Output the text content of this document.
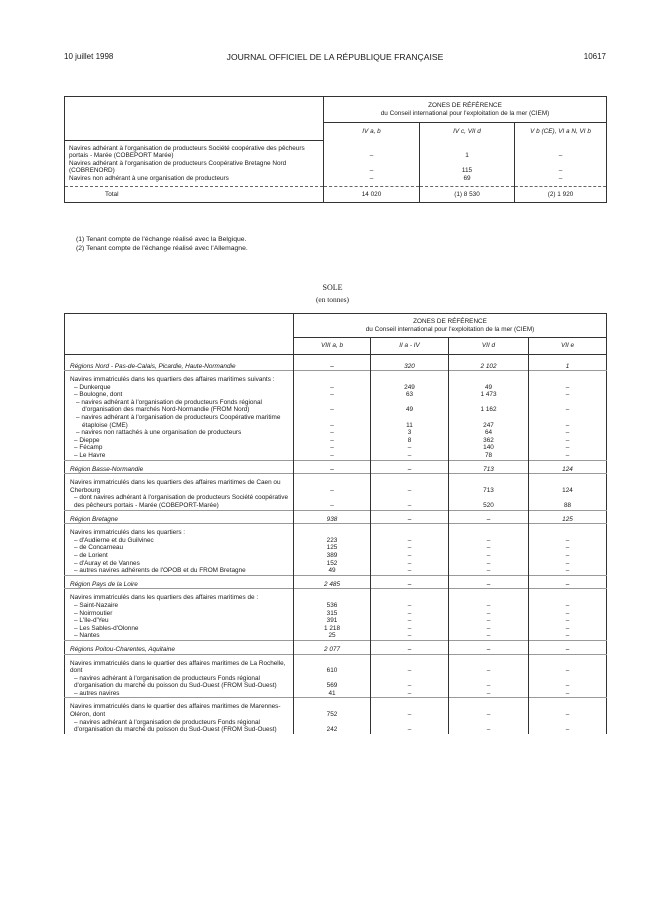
10 juillet 1998	JOURNAL OFFICIEL DE LA RÉPUBLIQUE FRANÇAISE	10617

	ZONES DE RÉFÉRENCE
du Conseil international pour l'exploitation de la mer (CIEM)		

	IV a, b	IV c, VII d	V b (CE), VI a N, VI b

Navires adhérant à l'organisation de producteurs Société coopérative des pêcheurs portais - Marée (COBEPORT Marée)	–	1	–
Navires adhérant à l'organisation de producteurs Coopérative Bretagne Nord (COBRENORD)	–	115	–
Navires non adhérant à une organisation de producteurs	–	69	–

Total	14 020	(1) 8 530	(2) 1 920
(1) Tenant compte de l'échange réalisé avec la Belgique.
(2) Tenant compte de l'échange réalisé avec l'Allemagne.
SOLE
(en tonnes)

	ZONES DE RÉFÉRENCE
du Conseil international pour l'exploitation de la mer (CIEM)			

	VIII a, b	II a - IV	VII d	VII e

Régions Nord - Pas-de-Calais, Picardie, Haute-Normandie	–	320	2 102	1
Navires immatriculés dans les quartiers des affaires maritimes suivants :				
– Dunkerque	–	249	49	–
– Boulogne, dont	–	63	1 473	–
– navires adhérant à l'organisation de producteurs Fonds régional d'organisation des marchés Nord-Normandie (FROM Nord)	–	49	1 162	–
– navires adhérant à l'organisation de producteurs Coopérative maritime étaploise (CME)	–	11	247	–
– navires non rattachés à une organisation de producteurs	–	3	64	–
– Dieppe	–	8	362	–
– Fécamp	–	–	140	–
– Le Havre	–	–	78	–
Région Basse-Normandie	–	–	713	124
Navires immatriculés dans les quartiers des affaires maritimes de Caen ou Cherbourg	–	–	713	124
– dont navires adhérant à l'organisation de producteurs Société coopérative des pêcheurs portais - Marée (COBEPORT-Marée)	–	–	520	88
Région Bretagne	938	–	–	125
Navires immatriculés dans les quartiers :				
– d'Audierne et du Guilvinec	223	–	–	–
– de Concarneau	125	–	–	–
– de Lorient	389	–	–	–
– d'Auray et de Vannes	152	–	–	–
– autres navires adhérents de l'OPOB et du FROM Bretagne	49	–	–	–
Région Pays de la Loire	2 485	–	–	–
Navires immatriculés dans les quartiers des affaires maritimes de :				
– Saint-Nazaire	536	–	–	–
– Noirmoutier	315	–	–	–
– L'Ile-d'Yeu	391	–	–	–
– Les Sables-d'Olonne	1 218	–	–	–
– Nantes	25	–	–	–
Régions Poitou-Charentes, Aquitaine	2 077	–	–	–
Navires immatriculés dans le quartier des affaires maritimes de La Rochelle, dont	610	–	–	–
– navires adhérant à l'organisation de producteurs Fonds régional d'organisation du marché du poisson du Sud-Ouest (FROM Sud-Ouest)	569	–	–	–
– autres navires	41	–	–	–
Navires immatriculés dans le quartier des affaires maritimes de Marennes-Oléron, dont	752	–	–	–
– navires adhérant à l'organisation de producteurs Fonds régional d'organisation du marché du poisson du Sud-Ouest (FROM Sud-Ouest)	242	–	–	–
